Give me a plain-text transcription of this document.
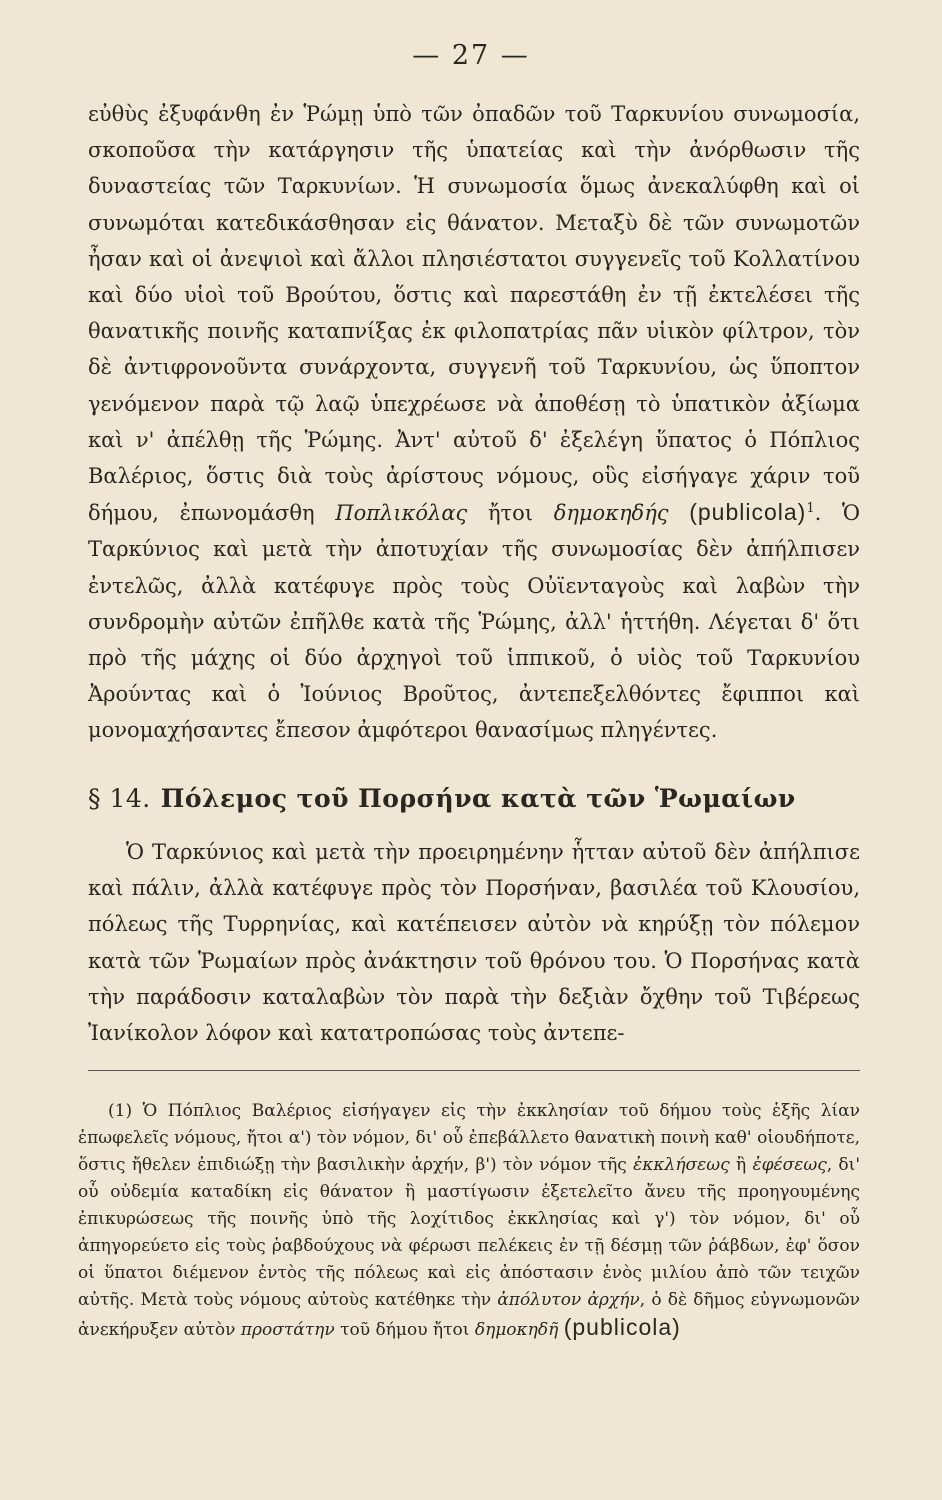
— 27 —

εὐθὺς ἐξυφάνθη ἐν Ῥώμῃ ὑπὸ τῶν ὀπαδῶν τοῦ Ταρκυνίου συνωμοσία, σκοποῦσα τὴν κατάργησιν τῆς ὑπατείας καὶ τὴν ἀνόρθωσιν τῆς δυναστείας τῶν Ταρκυνίων. Ἡ συνωμοσία ὅμως ἀνεκαλύφθη καὶ οἱ συνωμόται κατεδικάσθησαν εἰς θάνατον. Μεταξὺ δὲ τῶν συνωμοτῶν ἦσαν καὶ οἱ ἀνεψιοὶ καὶ ἄλλοι πλησιέστατοι συγγενεῖς τοῦ Κολλατίνου καὶ δύο υἱοὶ τοῦ Βρούτου, ὅστις καὶ παρεστάθη ἐν τῇ ἐκτελέσει τῆς θανατικῆς ποινῆς καταπνίξας ἐκ φιλοπατρίας πᾶν υἱικὸν φίλτρον, τὸν δὲ ἀντιφρονοῦντα συνάρχοντα, συγγενῆ τοῦ Ταρκυνίου, ὡς ὕποπτον γενόμενον παρὰ τῷ λαῷ ὑπεχρέωσε νὰ ἀποθέσῃ τὸ ὑπατικὸν ἀξίωμα καὶ ν' ἀπέλθῃ τῆς Ῥώμης. Ἀντ' αὐτοῦ δ' ἐξελέγη ὕπατος ὁ Πόπλιος Βαλέριος, ὅστις διὰ τοὺς ἀρίστους νόμους, οὓς εἰσήγαγε χάριν τοῦ δήμου, ἐπωνομάσθη Ποπλικόλας ἤτοι δημοκηδής (publicola)$^1$. Ὁ Ταρκύνιος καὶ μετὰ τὴν ἀποτυχίαν τῆς συνωμοσίας δὲν ἀπήλπισεν ἐντελῶς, ἀλλὰ κατέφυγε πρὸς τοὺς Οὐϊενταγοὺς καὶ λαβὼν τὴν συνδρομὴν αὐτῶν ἐπῆλθε κατὰ τῆς Ῥώμης, ἀλλ' ἡττήθη. Λέγεται δ' ὅτι πρὸ τῆς μάχης οἱ δύο ἀρχηγοὶ τοῦ ἱππικοῦ, ὁ υἱὸς τοῦ Ταρκυνίου Ἀρούντας καὶ ὁ Ἰούνιος Βροῦτος, ἀντεπεξελθόντες ἔφιπποι καὶ μονομαχήσαντες ἔπεσον ἀμφότεροι θανασίμως πληγέντες.

§ 14. Πόλεμος τοῦ Πορσήνα κατὰ τῶν Ῥωμαίων

Ὁ Ταρκύνιος καὶ μετὰ τὴν προειρημένην ἧτταν αὐτοῦ δὲν ἀπήλπισε καὶ πάλιν, ἀλλὰ κατέφυγε πρὸς τὸν Πορσήναν, βασιλέα τοῦ Κλουσίου, πόλεως τῆς Τυρρηνίας, καὶ κατέπεισεν αὐτὸν νὰ κηρύξῃ τὸν πόλεμον κατὰ τῶν Ῥωμαίων πρὸς ἀνάκτησιν τοῦ θρόνου του. Ὁ Πορσήνας κατὰ τὴν παράδοσιν καταλαβὼν τὸν παρὰ τὴν δεξιὰν ὄχθην τοῦ Τιβέρεως Ἰανίκολον λόφον καὶ κατατροπώσας τοὺς ἀντεπε-

(1) Ὁ Πόπλιος Βαλέριος εἰσήγαγεν εἰς τὴν ἐκκλησίαν τοῦ δήμου τοὺς ἑξῆς λίαν ἐπωφελεῖς νόμους, ἤτοι α') τὸν νόμον, δι' οὗ ἐπεβάλλετο θανατικὴ ποινὴ καθ' οἱουδήποτε, ὅστις ἤθελεν ἐπιδιώξῃ τὴν βασιλικὴν ἀρχήν, β') τὸν νόμον τῆς ἐκκλήσεως ἢ ἐφέσεως, δι' οὗ οὐδεμία καταδίκη εἰς θάνατον ἢ μαστίγωσιν ἐξετελεῖτο ἄνευ τῆς προηγουμένης ἐπικυρώσεως τῆς ποινῆς ὑπὸ τῆς λοχίτιδος ἐκκλησίας καὶ γ') τὸν νόμον, δι' οὗ ἀπηγορεύετο εἰς τοὺς ῥαβδούχους νὰ φέρωσι πελέκεις ἐν τῇ δέσμῃ τῶν ῥάβδων, ἐφ' ὅσον οἱ ὕπατοι διέμενον ἐντὸς τῆς πόλεως καὶ εἰς ἀπόστασιν ἑνὸς μιλίου ἀπὸ τῶν τειχῶν αὐτῆς. Μετὰ τοὺς νόμους αὐτοὺς κατέθηκε τὴν ἀπόλυτον ἀρχήν, ὁ δὲ δῆμος εὐγνωμονῶν ἀνεκήρυξεν αὐτὸν προστάτην τοῦ δήμου ἤτοι δημοκηδῆ (publicola)
